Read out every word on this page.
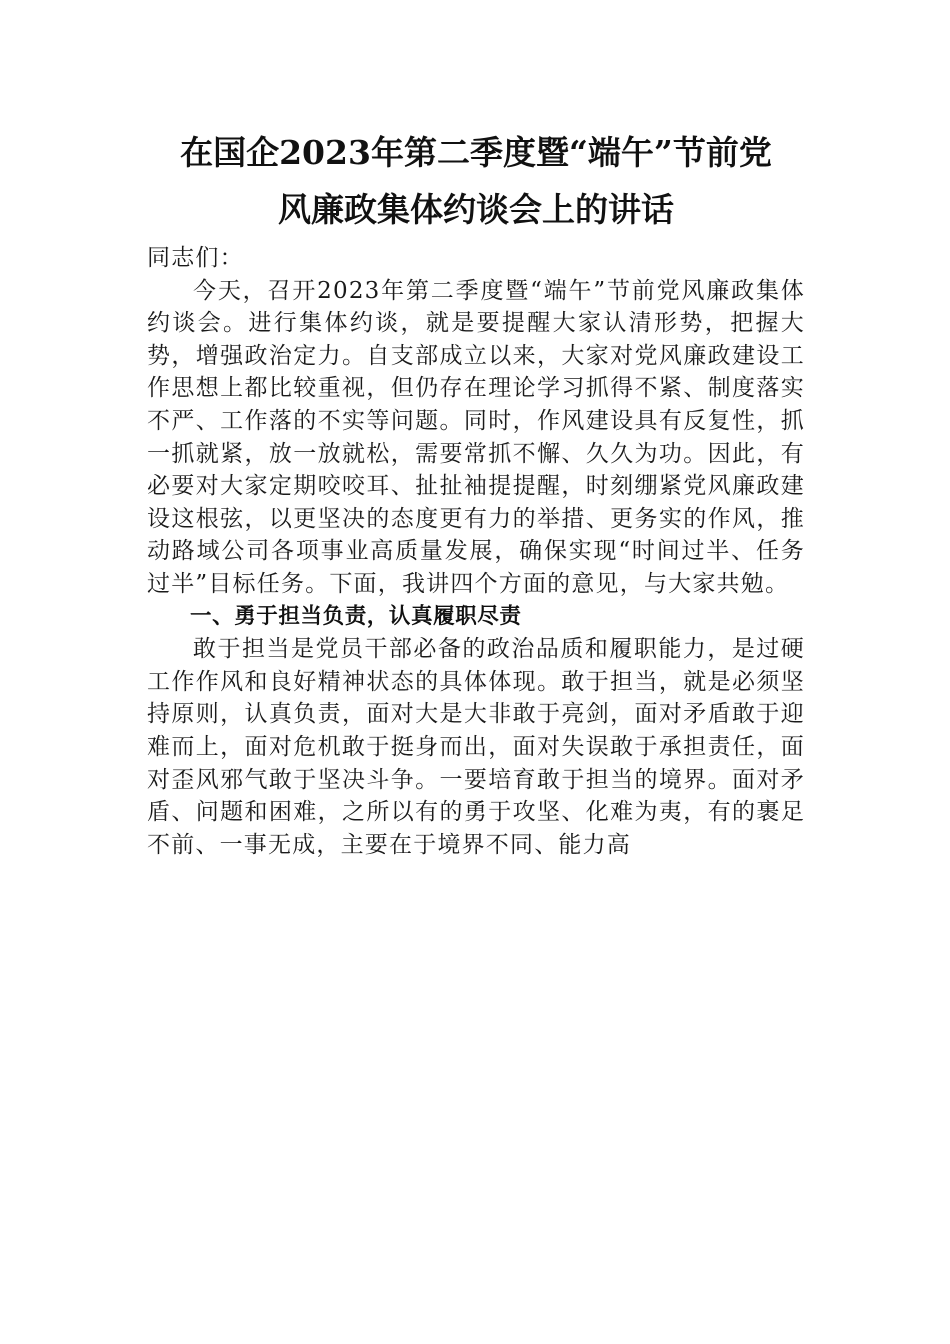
在国企2023年第二季度暨“端午”节前党
风廉政集体约谈会上的讲话

同志们：

今天，召开2023年第二季度暨“端午”节前党风廉政集体约谈会。进行集体约谈，就是要提醒大家认清形势，把握大势，增强政治定力。自支部成立以来，大家对党风廉政建设工作思想上都比较重视，但仍存在理论学习抓得不紧、制度落实不严、工作落的不实等问题。同时，作风建设具有反复性，抓一抓就紧，放一放就松，需要常抓不懈、久久为功。因此，有必要对大家定期咬咬耳、扯扯袖提提醒，时刻绷紧党风廉政建设这根弦，以更坚决的态度更有力的举措、更务实的作风，推动路域公司各项事业高质量发展，确保实现“时间过半、任务过半”目标任务。下面，我讲四个方面的意见，与大家共勉。

一、勇于担当负责，认真履职尽责

敢于担当是党员干部必备的政治品质和履职能力，是过硬工作作风和良好精神状态的具体体现。敢于担当，就是必须坚持原则，认真负责，面对大是大非敢于亮剑，面对矛盾敢于迎难而上，面对危机敢于挺身而出，面对失误敢于承担责任，面对歪风邪气敢于坚决斗争。一要培育敢于担当的境界。面对矛盾、问题和困难，之所以有的勇于攻坚、化难为夷，有的裹足不前、一事无成，主要在于境界不同、能力高
